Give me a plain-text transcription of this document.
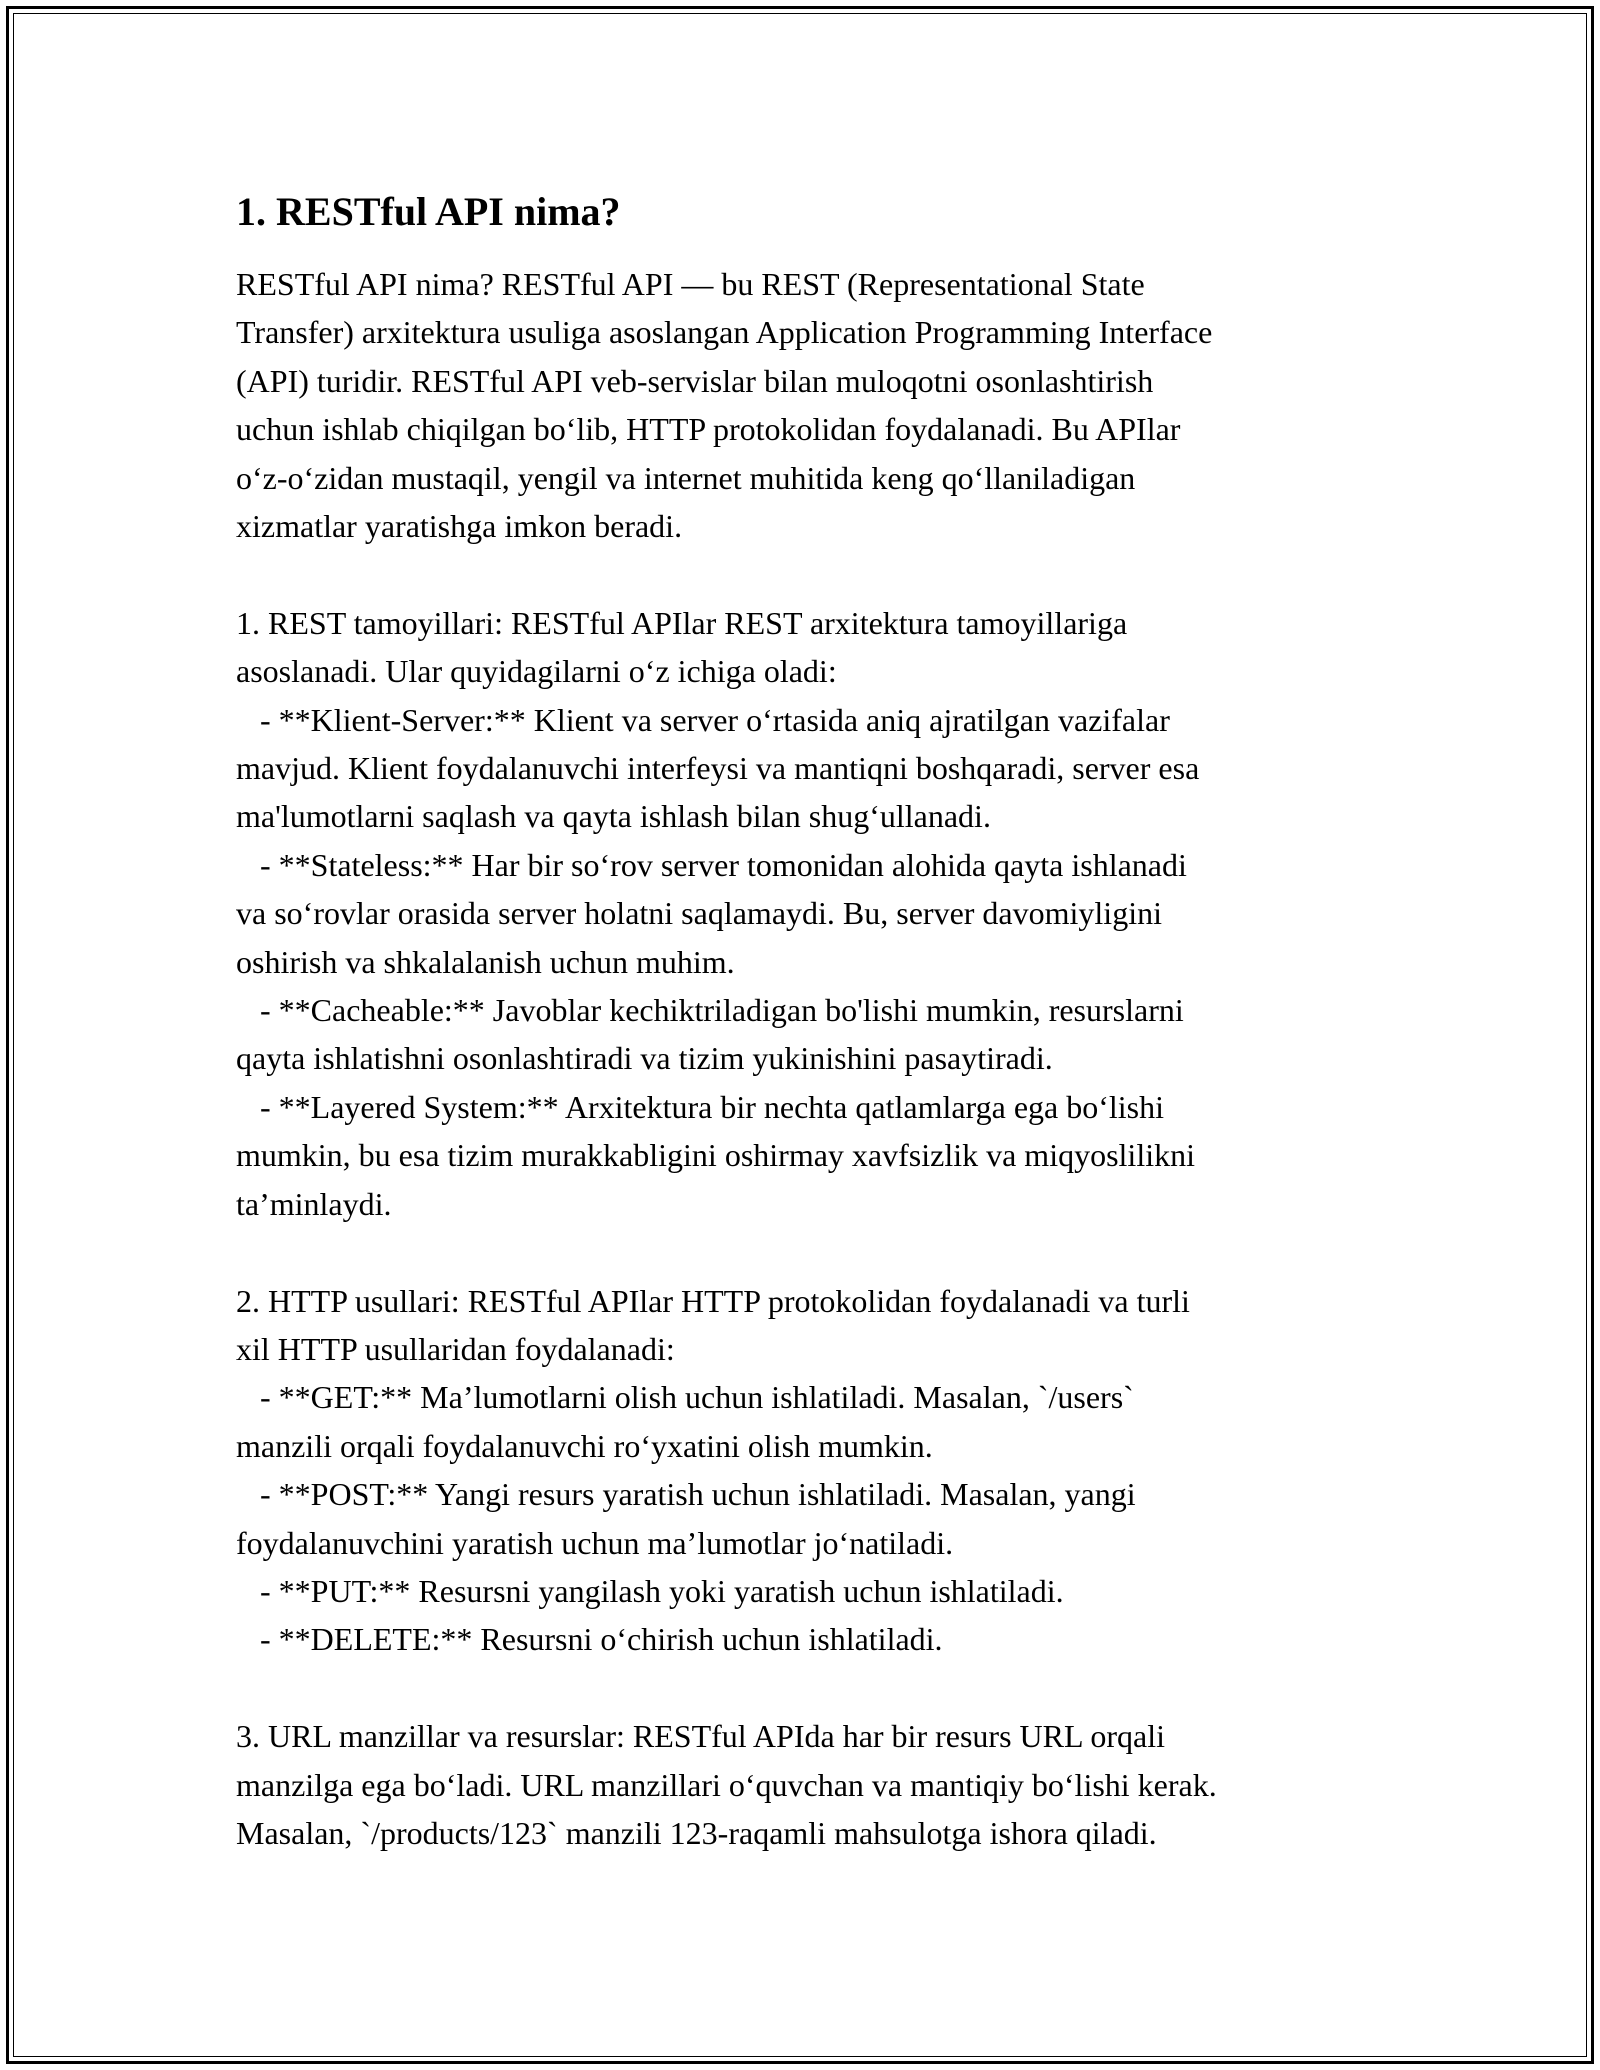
1. RESTful API nima?

RESTful API nima? RESTful API — bu REST (Representational State
Transfer) arxitektura usuliga asoslangan Application Programming Interface
(API) turidir. RESTful API veb-servislar bilan muloqotni osonlashtirish
uchun ishlab chiqilgan bo‘lib, HTTP protokolidan foydalanadi. Bu APIlar
o‘z-o‘zidan mustaqil, yengil va internet muhitida keng qo‘llaniladigan
xizmatlar yaratishga imkon beradi.

1. REST tamoyillari: RESTful APIlar REST arxitektura tamoyillariga
asoslanadi. Ular quyidagilarni o‘z ichiga oladi:
- **Klient-Server:** Klient va server o‘rtasida aniq ajratilgan vazifalar
mavjud. Klient foydalanuvchi interfeysi va mantiqni boshqaradi, server esa
ma'lumotlarni saqlash va qayta ishlash bilan shug‘ullanadi.
- **Stateless:** Har bir so‘rov server tomonidan alohida qayta ishlanadi
va so‘rovlar orasida server holatni saqlamaydi. Bu, server davomiyligini
oshirish va shkalalanish uchun muhim.
- **Cacheable:** Javoblar kechiktriladigan bo'lishi mumkin, resurslarni
qayta ishlatishni osonlashtiradi va tizim yukinishini pasaytiradi.
- **Layered System:** Arxitektura bir nechta qatlamlarga ega bo‘lishi
mumkin, bu esa tizim murakkabligini oshirmay xavfsizlik va miqyoslilikni
ta’minlaydi.

2. HTTP usullari: RESTful APIlar HTTP protokolidan foydalanadi va turli
xil HTTP usullaridan foydalanadi:
- **GET:** Ma’lumotlarni olish uchun ishlatiladi. Masalan, `/users`
manzili orqali foydalanuvchi ro‘yxatini olish mumkin.
- **POST:** Yangi resurs yaratish uchun ishlatiladi. Masalan, yangi
foydalanuvchini yaratish uchun ma’lumotlar jo‘natiladi.
- **PUT:** Resursni yangilash yoki yaratish uchun ishlatiladi.
- **DELETE:** Resursni o‘chirish uchun ishlatiladi.

3. URL manzillar va resurslar: RESTful APIda har bir resurs URL orqali
manzilga ega bo‘ladi. URL manzillari o‘quvchan va mantiqiy bo‘lishi kerak.
Masalan, `/products/123` manzili 123-raqamli mahsulotga ishora qiladi.
